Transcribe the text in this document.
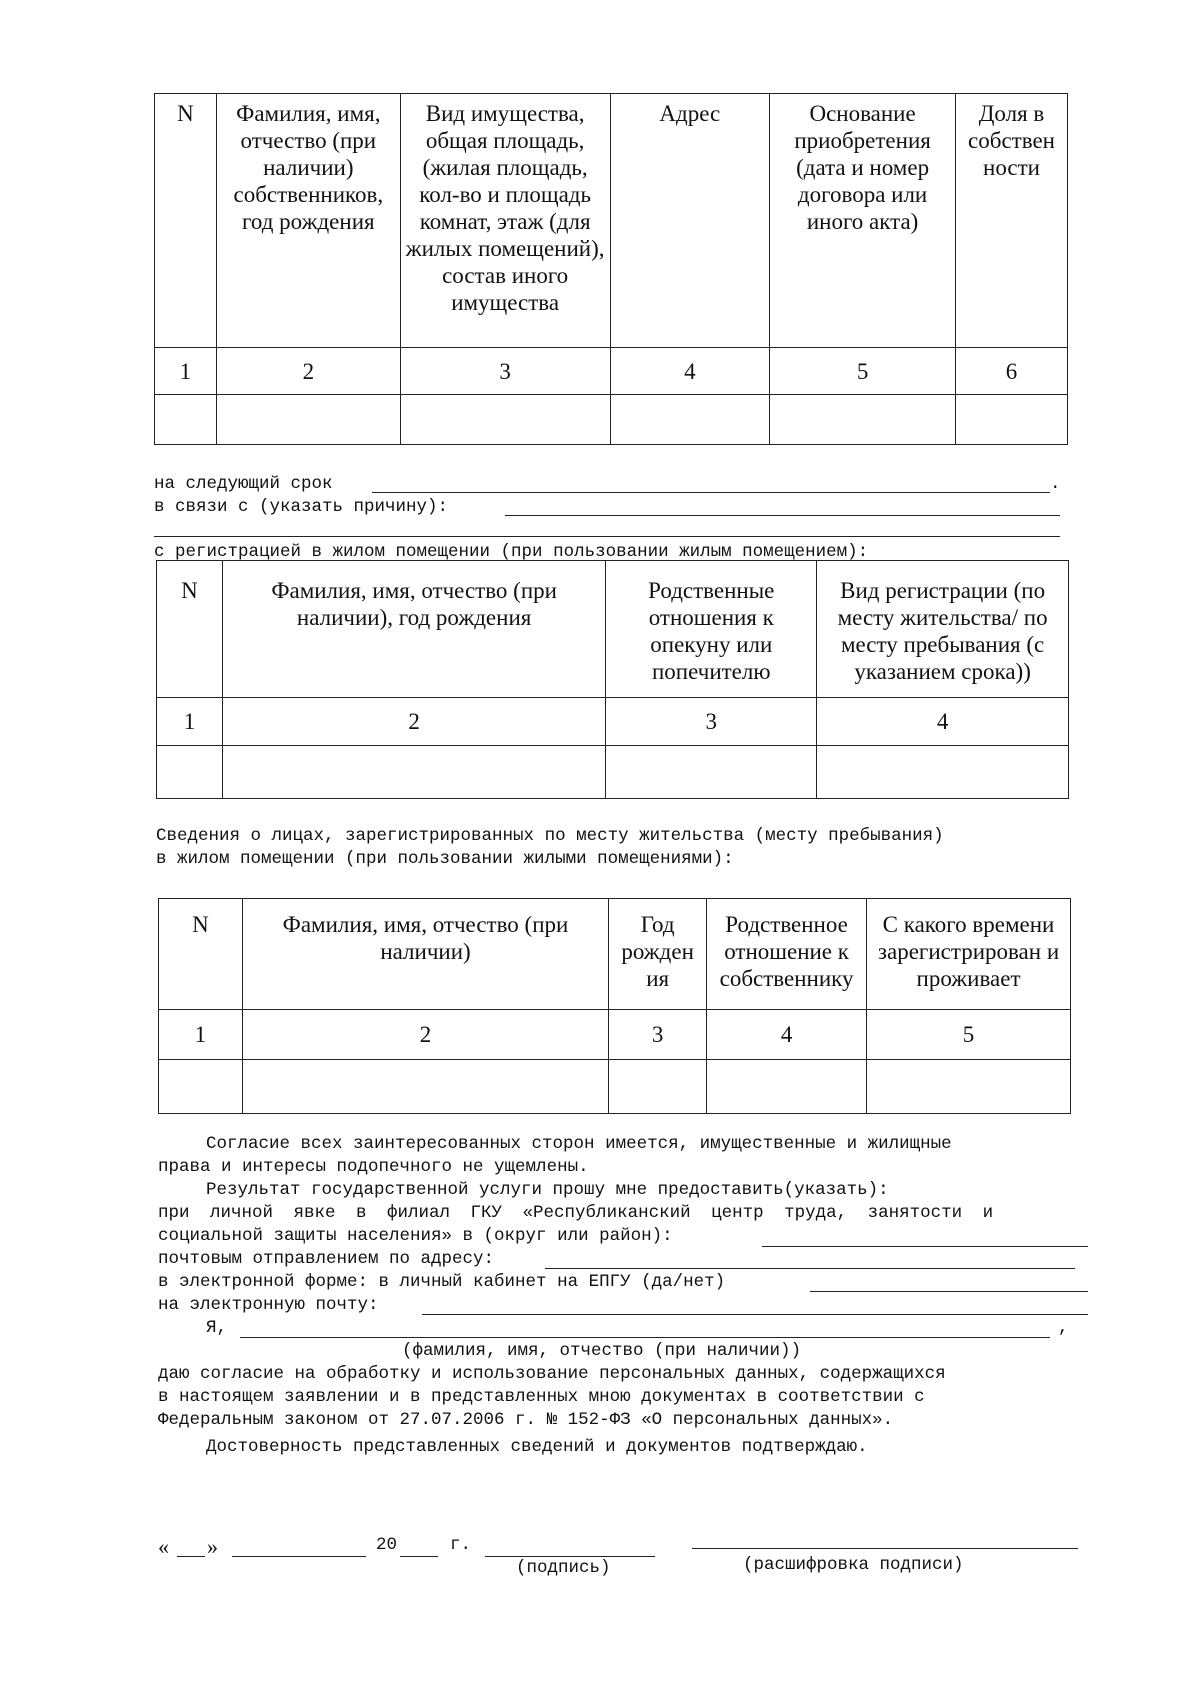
N	Фамилия, имя, отчество (при наличии) собственников, год рождения	Вид имущества, общая площадь, (жилая площадь, кол-во и площадь комнат, этаж (для жилых помещений), состав иного имущества	Адрес	Основание приобретения (дата и номер договора или иного акта)	Доля в собствен ности
1	2	3	4	5	6

на следующий срок	.
в связи с (указать причину):
с регистрацией в жилом помещении (при пользовании жилым помещением):
N	Фамилия, имя, отчество (при наличии), год рождения	Родственные отношения к опекуну или попечителю	Вид регистрации (по месту жительства/ по месту пребывания (с указанием срока))
1	2	3	4

Сведения о лицах, зарегистрированных по месту жительства (месту пребывания)
в жилом помещении (при пользовании жилыми помещениями):
N	Фамилия, имя, отчество (при наличии)	Год рожден ия	Родственное отношение к собственнику	С какого времени зарегистрирован и проживает
1	2	3	4	5

Согласие всех заинтересованных сторон имеется, имущественные и жилищные
права и интересы подопечного не ущемлены.
Результат государственной услуги прошу мне предоставить(указать):
при личной явке в филиал ГКУ «Республиканский центр труда, занятости и
социальной защиты населения» в (округ или район):
почтовым отправлением по адресу:
в электронной форме: в личный кабинет на ЕПГУ (да/нет)
на электронную почту:
Я,	,
(фамилия, имя, отчество (при наличии))
даю согласие на обработку и использование персональных данных, содержащихся
в настоящем заявлении и в представленных мною документах в соответствии с
Федеральным законом от 27.07.2006 г. № 152-ФЗ «О персональных данных».
Достоверность представленных сведений и документов подтверждаю.
« »	20	г.
(подпись)	(расшифровка подписи)
